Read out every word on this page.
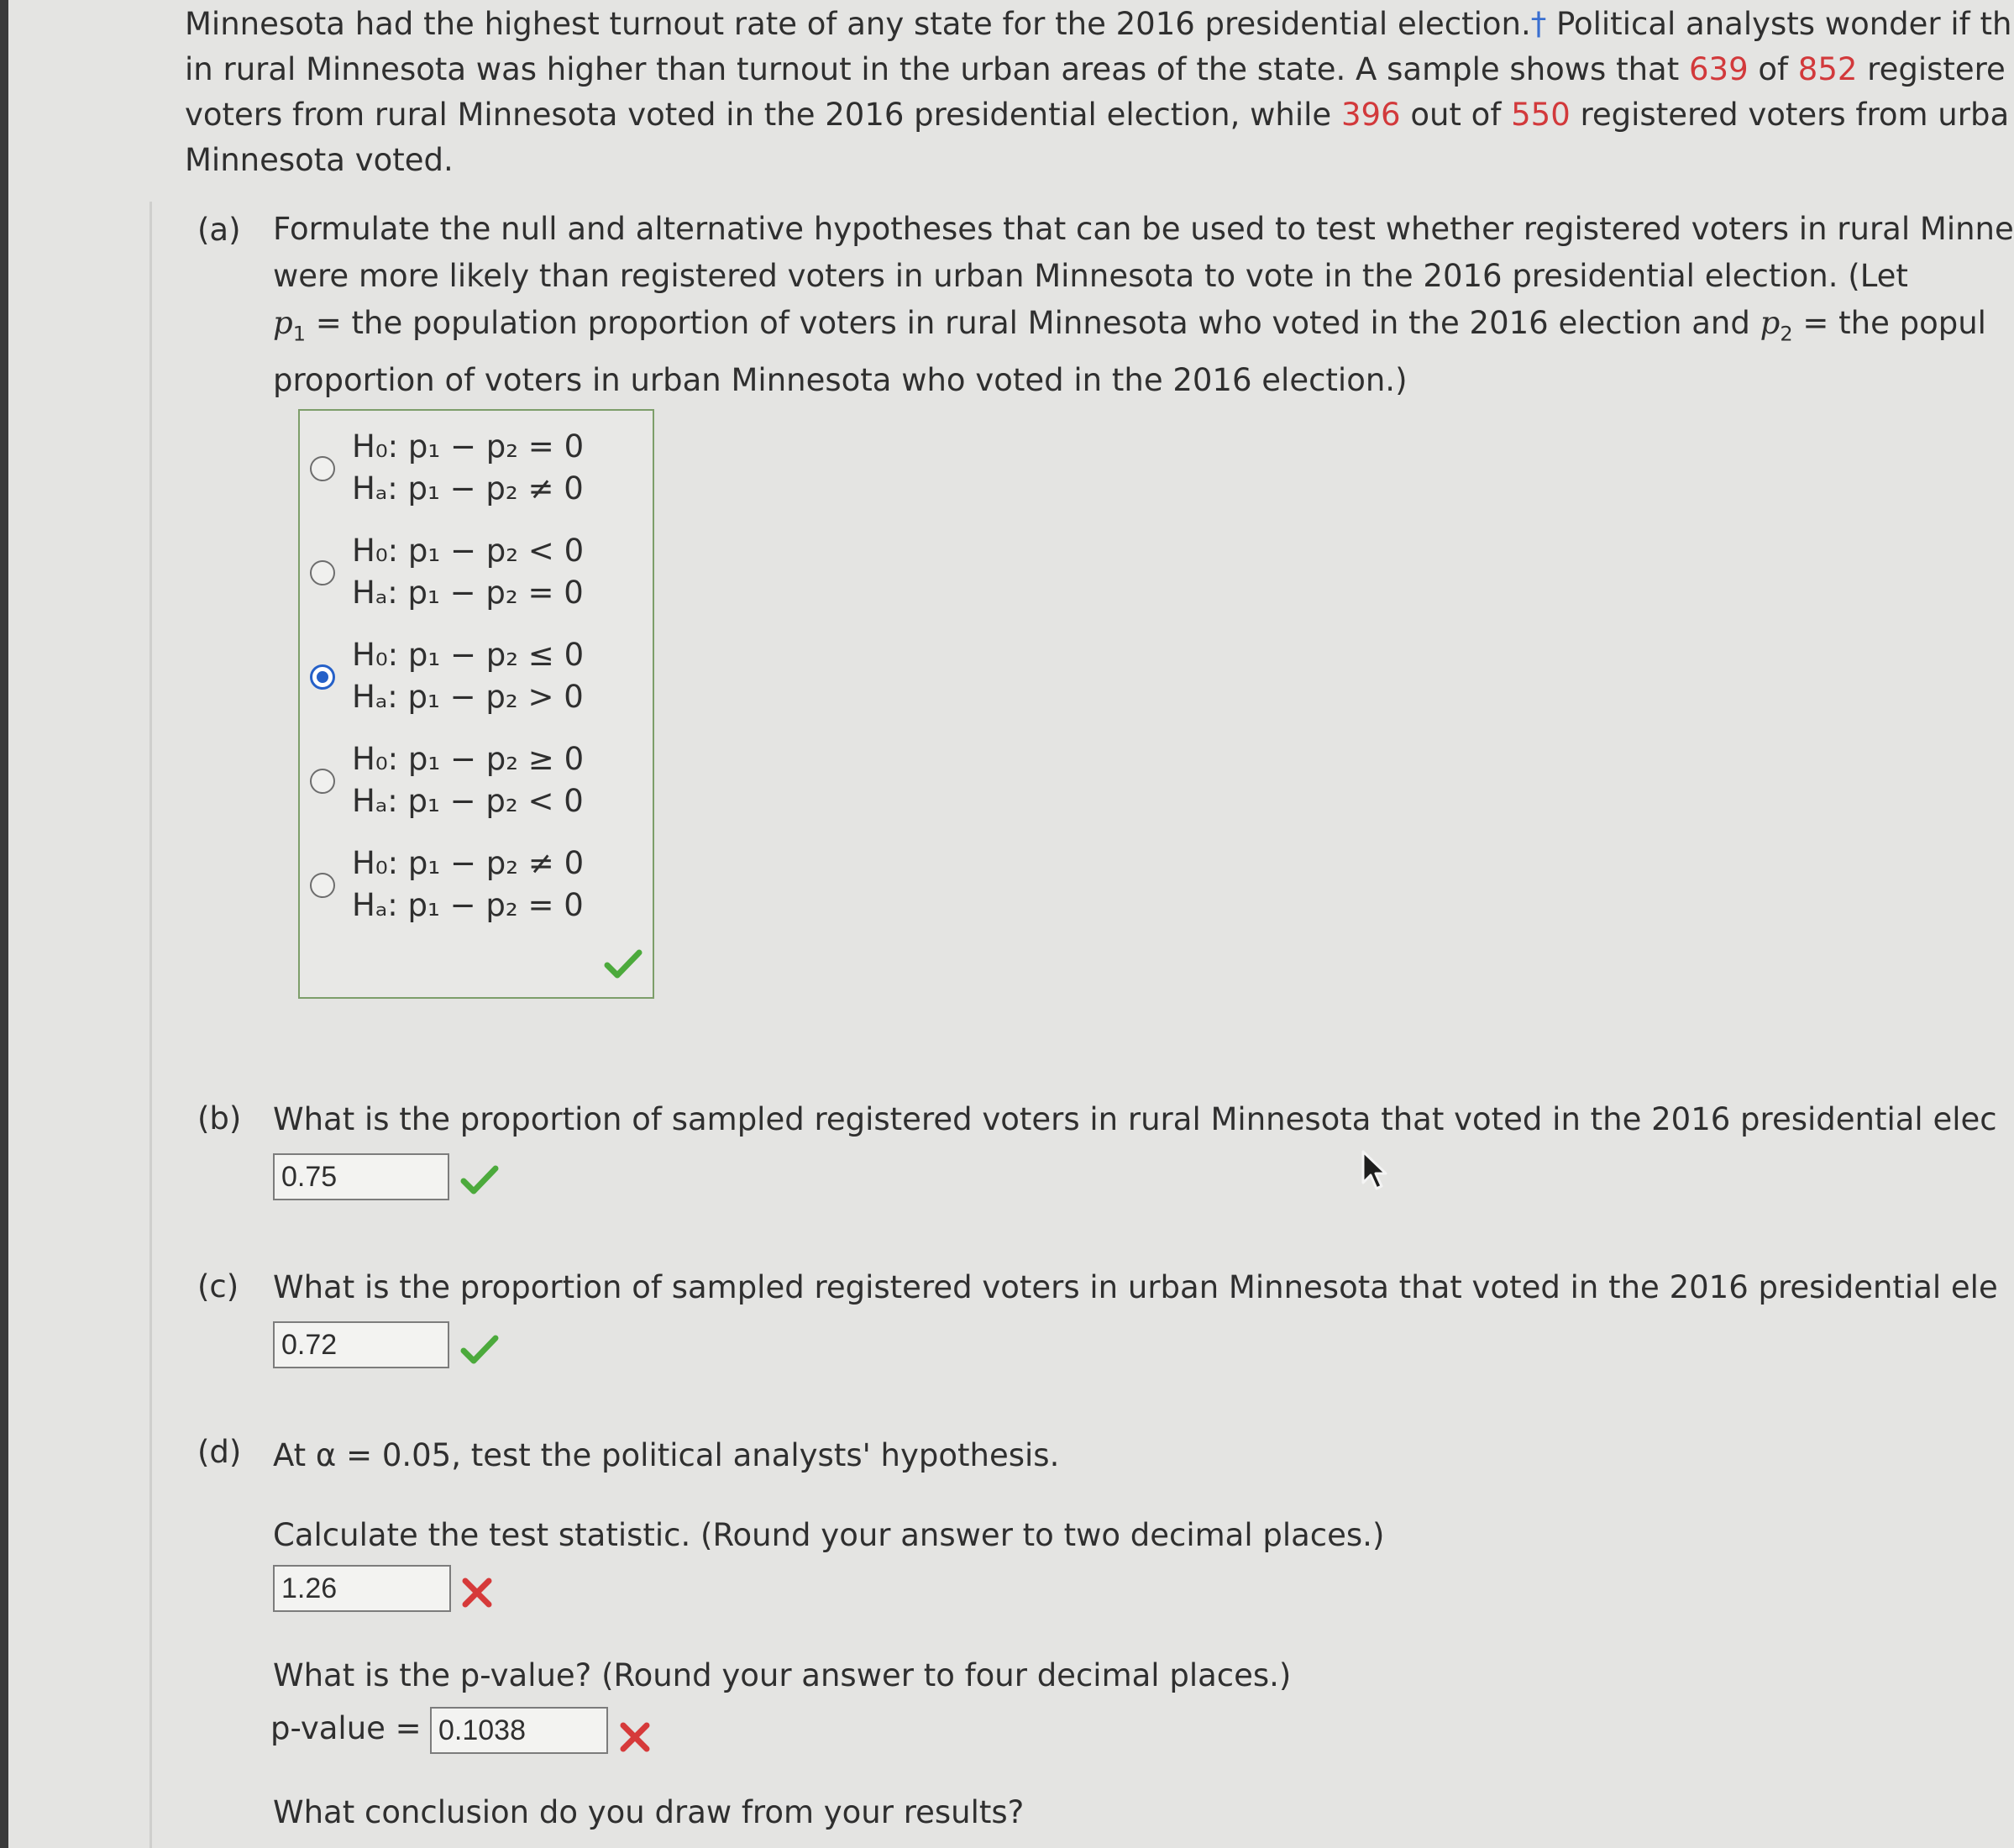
Minnesota had the highest turnout rate of any state for the 2016 presidential election.† Political analysts wonder if th
in rural Minnesota was higher than turnout in the urban areas of the state. A sample shows that 639 of 852 registere
voters from rural Minnesota voted in the 2016 presidential election, while 396 out of 550 registered voters from urba
Minnesota voted.
(a) Formulate the null and alternative hypotheses that can be used to test whether registered voters in rural Minne
were more likely than registered voters in urban Minnesota to vote in the 2016 presidential election. (Let
$p_1$ = the population proportion of voters in rural Minnesota who voted in the 2016 election and $p_2$ = the popul
proportion of voters in urban Minnesota who voted in the 2016 election.)
H₀: p₁ − p₂ = 0
Hₐ: p₁ − p₂ ≠ 0
H₀: p₁ − p₂ < 0
Hₐ: p₁ − p₂ = 0
H₀: p₁ − p₂ ≤ 0
Hₐ: p₁ − p₂ > 0
H₀: p₁ − p₂ ≥ 0
Hₐ: p₁ − p₂ < 0
H₀: p₁ − p₂ ≠ 0
Hₐ: p₁ − p₂ = 0
(b) What is the proportion of sampled registered voters in rural Minnesota that voted in the 2016 presidential elec
0.75
(c) What is the proportion of sampled registered voters in urban Minnesota that voted in the 2016 presidential ele
0.72
(d) At α = 0.05, test the political analysts' hypothesis.
Calculate the test statistic. (Round your answer to two decimal places.)
1.26
What is the p-value? (Round your answer to four decimal places.)
p-value = 0.1038
What conclusion do you draw from your results?
